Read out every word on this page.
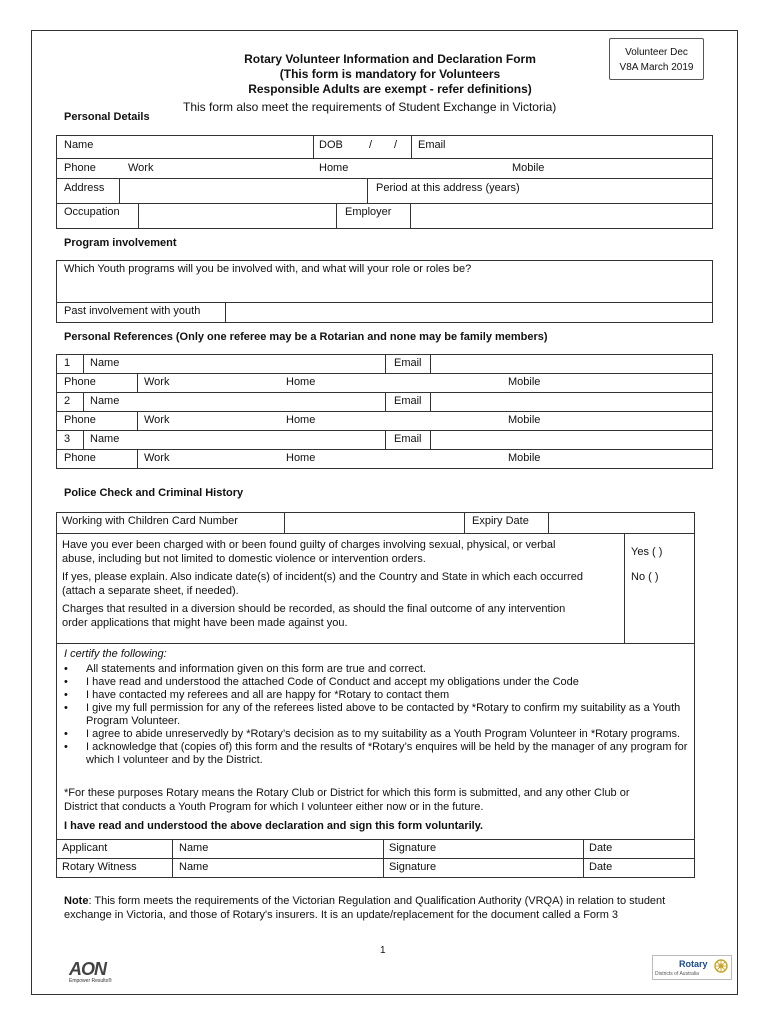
Volunteer Dec
V8A March 2019
Rotary Volunteer Information and Declaration Form
(This form is mandatory for Volunteers
Responsible Adults are exempt - refer definitions)
This form also meet the requirements of Student Exchange in Victoria)
Personal Details
Name	DOB / / Email
Phone	Work	Home	Mobile
Address	Period at this address (years)
Occupation	Employer
Program involvement
Which Youth programs will you be involved with, and what will your role or roles be?
Past involvement with youth
Personal References (Only one referee may be a Rotarian and none may be family members)
1 Name	Email
Phone	Work	Home	Mobile
2 Name	Email
Phone	Work	Home	Mobile
3 Name	Email
Phone	Work	Home	Mobile
Police Check and Criminal History
Working with Children Card Number	Expiry Date
Have you ever been charged with or been found guilty of charges involving sexual, physical, or verbal
abuse, including but not limited to domestic violence or intervention orders.
If yes, please explain. Also indicate date(s) of incident(s) and the Country and State in which each occurred
(attach a separate sheet, if needed).
Charges that resulted in a diversion should be recorded, as should the final outcome of any intervention
order applications that might have been made against you.
Yes ( )
No ( )
I certify the following:
• All statements and information given on this form are true and correct.
• I have read and understood the attached Code of Conduct and accept my obligations under the Code
• I have contacted my referees and all are happy for *Rotary to contact them
• I give my full permission for any of the referees listed above to be contacted by *Rotary to confirm my suitability as a Youth Program Volunteer.
• I agree to abide unreservedly by *Rotary’s decision as to my suitability as a Youth Program Volunteer in *Rotary programs.
• I acknowledge that (copies of) this form and the results of *Rotary’s enquires will be held by the manager of any program for which I volunteer and by the District.
*For these purposes Rotary means the Rotary Club or District for which this form is submitted, and any other Club or
District that conducts a Youth Program for which I volunteer either now or in the future.
I have read and understood the above declaration and sign this form voluntarily.
Applicant	Name	Signature	Date
Rotary Witness	Name	Signature	Date
Note: This form meets the requirements of the Victorian Regulation and Qualification Authority (VRQA) in relation to student
exchange in Victoria, and those of Rotary's insurers. It is an update/replacement for the document called a Form 3
1
AON
Empower Results®
Rotary
Districts of Australia
